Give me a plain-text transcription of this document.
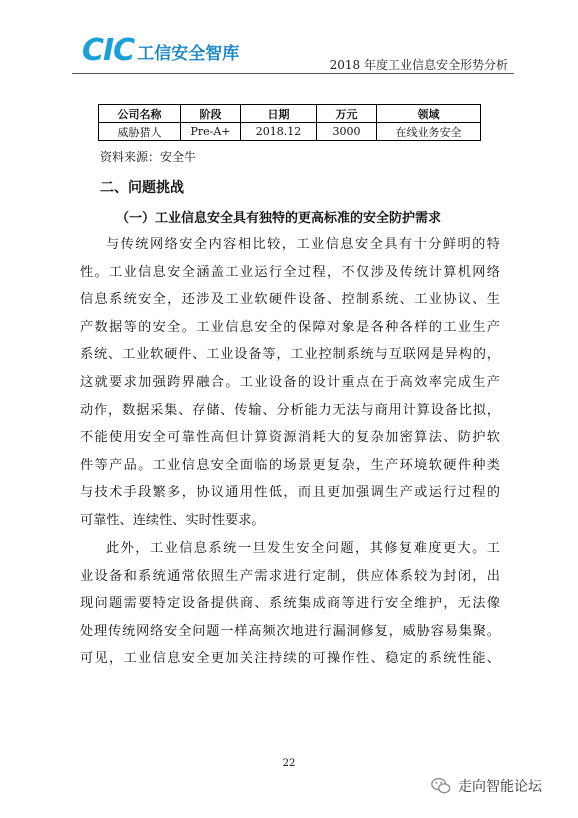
CIC 工信安全智库
2018 年度工业信息安全形势分析
公司名称	阶段	日期	万元	领域
威胁猎人	Pre-A+	2018.12	3000	在线业务安全
资料来源：安全牛
二、问题挑战
（一）工业信息安全具有独特的更高标准的安全防护需求
与传统网络安全内容相比较，工业信息安全具有十分鲜明的特
性。工业信息安全涵盖工业运行全过程，不仅涉及传统计算机网络
信息系统安全，还涉及工业软硬件设备、控制系统、工业协议、生
产数据等的安全。工业信息安全的保障对象是各种各样的工业生产
系统、工业软硬件、工业设备等，工业控制系统与互联网是异构的，
这就要求加强跨界融合。工业设备的设计重点在于高效率完成生产
动作，数据采集、存储、传输、分析能力无法与商用计算设备比拟，
不能使用安全可靠性高但计算资源消耗大的复杂加密算法、防护软
件等产品。工业信息安全面临的场景更复杂，生产环境软硬件种类
与技术手段繁多，协议通用性低，而且更加强调生产或运行过程的
可靠性、连续性、实时性要求。
此外，工业信息系统一旦发生安全问题，其修复难度更大。工
业设备和系统通常依照生产需求进行定制，供应体系较为封闭，出
现问题需要特定设备提供商、系统集成商等进行安全维护，无法像
处理传统网络安全问题一样高频次地进行漏洞修复，威胁容易集聚。
可见，工业信息安全更加关注持续的可操作性、稳定的系统性能、
22
走向智能论坛
